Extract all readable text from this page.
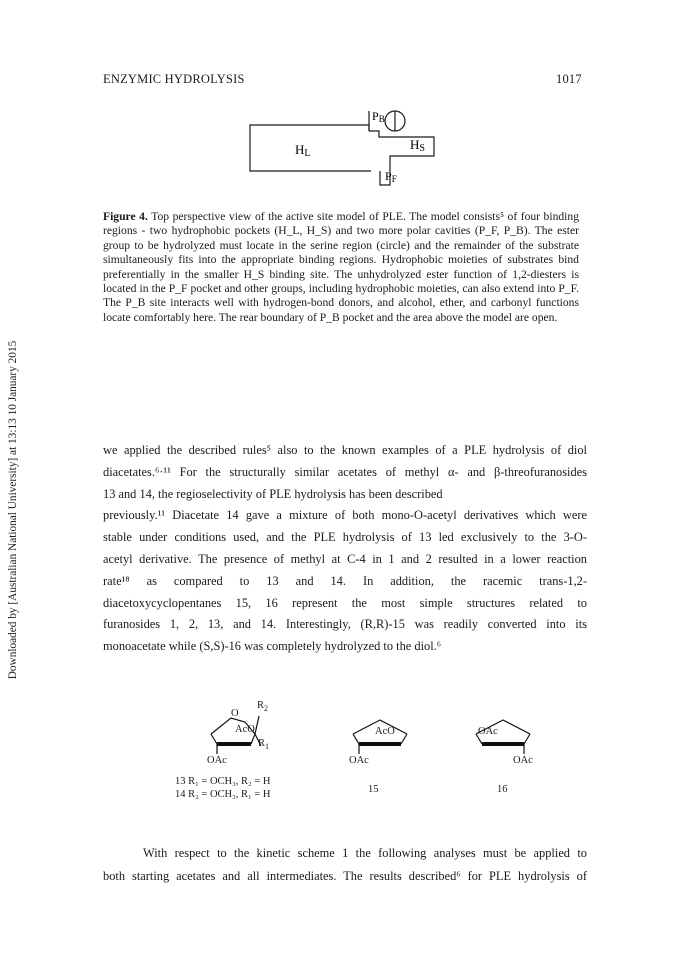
ENZYMIC HYDROLYSIS	1017
Downloaded by [Australian National University] at 13:13 10 January 2015
PB
HL
HS
PF
Figure 4. Top perspective view of the active site model of PLE. The model consists⁵ of four binding regions - two hydrophobic pockets (H_L, H_S) and two more polar cavities (P_F, P_B). The ester group to be hydrolyzed must locate in the serine region (circle) and the remainder of the substrate simultaneously fits into the appropriate binding regions. Hydrophobic moieties of substrates bind preferentially in the smaller H_S binding site. The unhydrolyzed ester function of 1,2-diesters is located in the P_F pocket and other groups, including hydrophobic moieties, can also extend into P_F. The P_B site interacts well with hydrogen-bond donors, and alcohol, ether, and carbonyl functions locate comfortably here. The rear boundary of P_B pocket and the area above the model are open.
we applied the described rules⁵ also to the known examples of a PLE hydrolysis of diol
diacetates.⁶·¹¹ For the structurally similar acetates of methyl α- and β-threofuranosides
13 and 14, the regioselectivity of PLE hydrolysis has been described
previously.¹¹ Diacetate 14 gave a mixture of both mono-O-acetyl derivatives which were
stable under conditions used, and the PLE hydrolysis of 13 led exclusively to the 3-O-
acetyl derivative. The presence of methyl at C-4 in 1 and 2 resulted in a lower reaction
rate¹⁸ as compared to 13 and 14. In addition, the racemic trans-1,2-
diacetoxycyclopentanes 15, 16 represent the most simple structures related to
furanosides 1, 2, 13, and 14. Interestingly, (R,R)-15 was readily converted into its
monoacetate while (S,S)-16 was completely hydrolyzed to the diol.⁶
O
$R_2$
AcO
$R_1$
OAc
13 R₁ = OCH₃, R₂ = H
14 R₂ = OCH₃, R₁ = H
AcO
OAc
15
OAc
OAc
16
With respect to the kinetic scheme 1 the following analyses must be applied to
both starting acetates and all intermediates. The results described⁶ for PLE hydrolysis of
